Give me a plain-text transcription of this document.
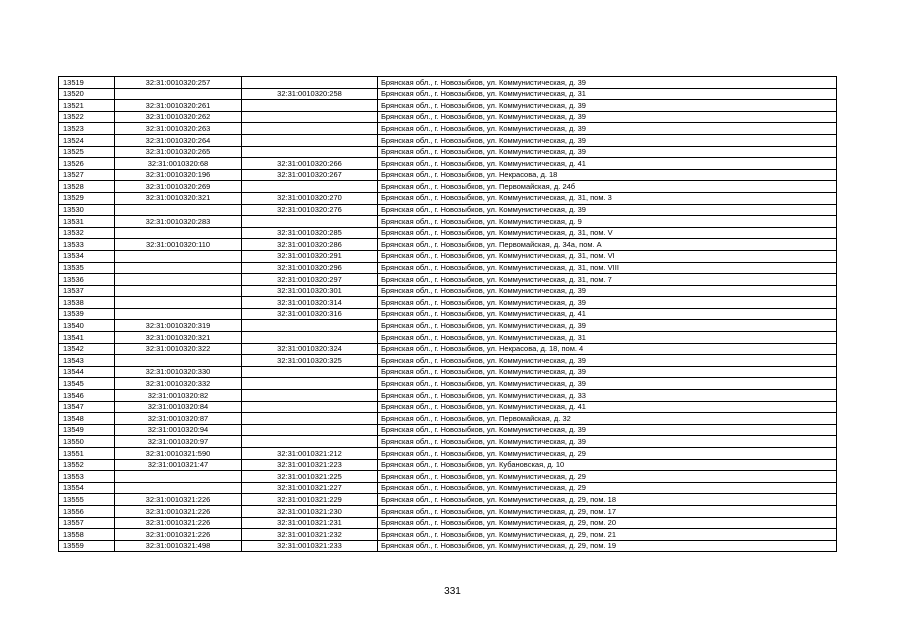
13519	32:31:0010320:257		Брянская обл., г. Новозыбков, ул. Коммунистическая, д. 39
13520		32:31:0010320:258	Брянская обл., г. Новозыбков, ул. Коммунистическая, д. 31
13521	32:31:0010320:261		Брянская обл., г. Новозыбков, ул. Коммунистическая, д. 39
13522	32:31:0010320:262		Брянская обл., г. Новозыбков, ул. Коммунистическая, д. 39
13523	32:31:0010320:263		Брянская обл., г. Новозыбков, ул. Коммунистическая, д. 39
13524	32:31:0010320:264		Брянская обл., г. Новозыбков, ул. Коммунистическая, д. 39
13525	32:31:0010320:265		Брянская обл., г. Новозыбков, ул. Коммунистическая, д. 39
13526	32:31:0010320:68	32:31:0010320:266	Брянская обл., г. Новозыбков, ул. Коммунистическая, д. 41
13527	32:31:0010320:196	32:31:0010320:267	Брянская обл., г. Новозыбков, ул. Некрасова, д. 18
13528	32:31:0010320:269		Брянская обл., г. Новозыбков, ул. Первомайская, д. 24б
13529	32:31:0010320:321	32:31:0010320:270	Брянская обл., г. Новозыбков, ул. Коммунистическая, д. 31, пом. 3
13530		32:31:0010320:276	Брянская обл., г. Новозыбков, ул. Коммунистическая, д. 39
13531	32:31:0010320:283		Брянская обл., г. Новозыбков, ул. Коммунистическая, д. 9
13532		32:31:0010320:285	Брянская обл., г. Новозыбков, ул. Коммунистическая, д. 31, пом. V
13533	32:31:0010320:110	32:31:0010320:286	Брянская обл., г. Новозыбков, ул. Первомайская, д. 34а, пом. А
13534		32:31:0010320:291	Брянская обл., г. Новозыбков, ул. Коммунистическая, д. 31, пом. VI
13535		32:31:0010320:296	Брянская обл., г. Новозыбков, ул. Коммунистическая, д. 31, пом. VIII
13536		32:31:0010320:297	Брянская обл., г. Новозыбков, ул. Коммунистическая, д. 31, пом. 7
13537		32:31:0010320:301	Брянская обл., г. Новозыбков, ул. Коммунистическая, д. 39
13538		32:31:0010320:314	Брянская обл., г. Новозыбков, ул. Коммунистическая, д. 39
13539		32:31:0010320:316	Брянская обл., г. Новозыбков, ул. Коммунистическая, д. 41
13540	32:31:0010320:319		Брянская обл., г. Новозыбков, ул. Коммунистическая, д. 39
13541	32:31:0010320:321		Брянская обл., г. Новозыбков, ул. Коммунистическая, д. 31
13542	32:31:0010320:322	32:31:0010320:324	Брянская обл., г. Новозыбков, ул. Некрасова, д. 18, пом. 4
13543		32:31:0010320:325	Брянская обл., г. Новозыбков, ул. Коммунистическая, д. 39
13544	32:31:0010320:330		Брянская обл., г. Новозыбков, ул. Коммунистическая, д. 39
13545	32:31:0010320:332		Брянская обл., г. Новозыбков, ул. Коммунистическая, д. 39
13546	32:31:0010320:82		Брянская обл., г. Новозыбков, ул. Коммунистическая, д. 33
13547	32:31:0010320:84		Брянская обл., г. Новозыбков, ул. Коммунистическая, д. 41
13548	32:31:0010320:87		Брянская обл., г. Новозыбков, ул. Первомайская, д. 32
13549	32:31:0010320:94		Брянская обл., г. Новозыбков, ул. Коммунистическая, д. 39
13550	32:31:0010320:97		Брянская обл., г. Новозыбков, ул. Коммунистическая, д. 39
13551	32:31:0010321:590	32:31:0010321:212	Брянская обл., г. Новозыбков, ул. Коммунистическая, д. 29
13552	32:31:0010321:47	32:31:0010321:223	Брянская обл., г. Новозыбков, ул. Кубановская, д. 10
13553		32:31:0010321:225	Брянская обл., г. Новозыбков, ул. Коммунистическая, д. 29
13554		32:31:0010321:227	Брянская обл., г. Новозыбков, ул. Коммунистическая, д. 29
13555	32:31:0010321:226	32:31:0010321:229	Брянская обл., г. Новозыбков, ул. Коммунистическая, д. 29, пом. 18
13556	32:31:0010321:226	32:31:0010321:230	Брянская обл., г. Новозыбков, ул. Коммунистическая, д. 29, пом. 17
13557	32:31:0010321:226	32:31:0010321:231	Брянская обл., г. Новозыбков, ул. Коммунистическая, д. 29, пом. 20
13558	32:31:0010321:226	32:31:0010321:232	Брянская обл., г. Новозыбков, ул. Коммунистическая, д. 29, пом. 21
13559	32:31:0010321:498	32:31:0010321:233	Брянская обл., г. Новозыбков, ул. Коммунистическая, д. 29, пом. 19
331
